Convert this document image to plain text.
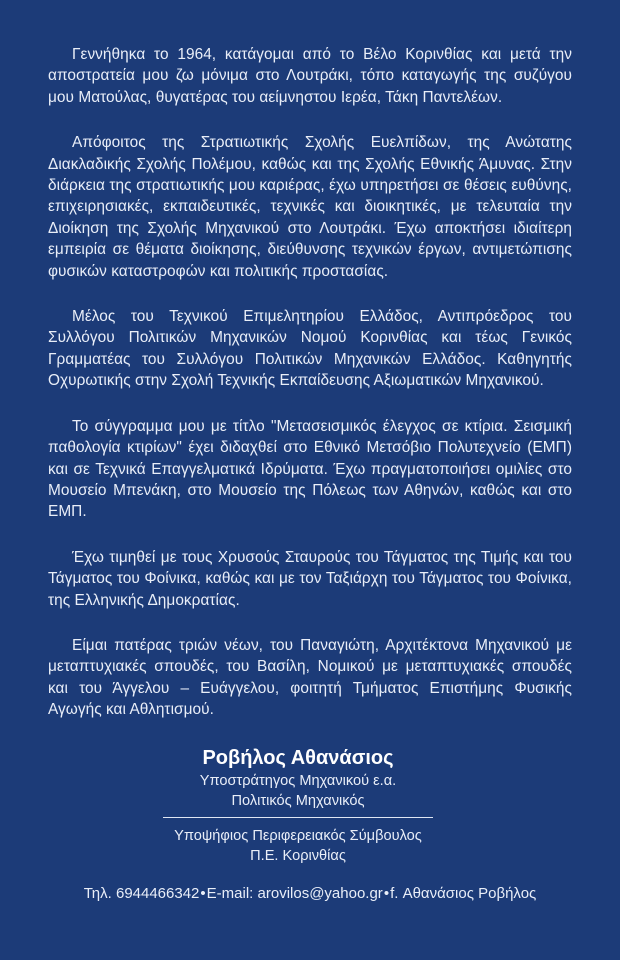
Γεννήθηκα το 1964, κατάγομαι από το Βέλο Κορινθίας και μετά την αποστρατεία μου ζω μόνιμα στο Λουτράκι, τόπο καταγωγής της συζύγου μου Ματούλας, θυγατέρας του αείμνηστου Ιερέα, Τάκη Παντελέων.

Απόφοιτος της Στρατιωτικής Σχολής Ευελπίδων, της Ανώτατης Διακλαδικής Σχολής Πολέμου, καθώς και της Σχολής Εθνικής Άμυνας. Στην διάρκεια της στρατιωτικής μου καριέρας, έχω υπηρετήσει σε θέσεις ευθύνης, επιχειρησιακές, εκπαιδευτικές, τεχνικές και διοικητικές, με τελευταία την Διοίκηση της Σχολής Μηχανικού στο Λουτράκι. Έχω αποκτήσει ιδιαίτερη εμπειρία σε θέματα διοίκησης, διεύθυνσης τεχνικών έργων, αντιμετώπισης φυσικών καταστροφών και πολιτικής προστασίας.

Μέλος του Τεχνικού Επιμελητηρίου Ελλάδος, Αντιπρόεδρος του Συλλόγου Πολιτικών Μηχανικών Νομού Κορινθίας και τέως Γενικός Γραμματέας του Συλλόγου Πολιτικών Μηχανικών Ελλάδος. Καθηγητής Οχυρωτικής στην Σχολή Τεχνικής Εκπαίδευσης Αξιωματικών Μηχανικού.

Το σύγγραμμα μου με τίτλο "Μετασεισμικός έλεγχος σε κτίρια. Σεισμική παθολογία κτιρίων" έχει διδαχθεί στο Εθνικό Μετσόβιο Πολυτεχνείο (ΕΜΠ) και σε Τεχνικά Επαγγελματικά Ιδρύματα. Έχω πραγματοποιήσει ομιλίες στο Μουσείο Μπενάκη, στο Μουσείο της Πόλεως των Αθηνών, καθώς και στο ΕΜΠ.

Έχω τιμηθεί με τους Χρυσούς Σταυρούς του Τάγματος της Τιμής και του Τάγματος του Φοίνικα, καθώς και με τον Ταξιάρχη του Τάγματος του Φοίνικα, της Ελληνικής Δημοκρατίας.

Είμαι πατέρας τριών νέων, του Παναγιώτη, Αρχιτέκτονα Μηχανικού με μεταπτυχιακές σπουδές, του Βασίλη, Νομικού με μεταπτυχιακές σπουδές και του Άγγελου – Ευάγγελου, φοιτητή Τμήματος Επιστήμης Φυσικής Αγωγής και Αθλητισμού.

Ροβήλος Αθανάσιος
Υποστράτηγος Μηχανικού ε.α.
Πολιτικός Μηχανικός
Υποψήφιος Περιφερειακός Σύμβουλος
Π.Ε. Κορινθίας
Τηλ. 6944466342•E-mail: arovilos@yahoo.gr•f. Αθανάσιος Ροβήλος
